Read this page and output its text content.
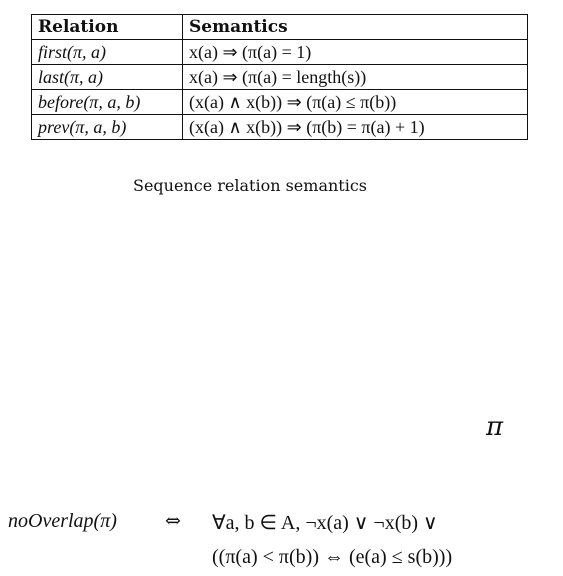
Relation	Semantics
first(π, a)	x(a) ⇒ (π(a) = 1)
last(π, a)	x(a) ⇒ (π(a) = length(s))
before(π, a, b)	(x(a) ∧ x(b)) ⇒ (π(a) ≤ π(b))
prev(π, a, b)	(x(a) ∧ x(b)) ⇒ (π(b) = π(a) + 1)
Sequence relation semantics
π
noOverlap(π)	⇔ ∀a, b ∈ A, ¬x(a) ∨ ¬x(b) ∨
((π(a) < π(b)) ⇔ (e(a) ≤ s(b)))
